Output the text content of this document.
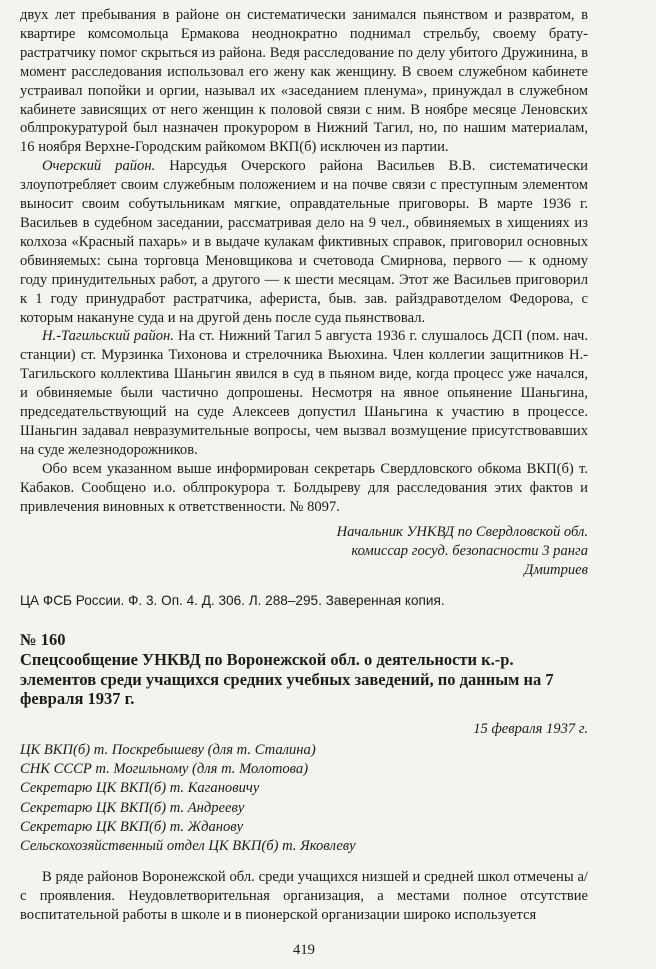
двух лет пребывания в районе он систематически занимался пьянством и развратом, в квартире комсомольца Ермакова неоднократно поднимал стрельбу, своему брату-растратчику помог скрыться из района. Ведя расследование по делу убитого Дружинина, в момент расследования использовал его жену как женщину. В своем служебном кабинете устраивал попойки и оргии, называл их «заседанием пленума», принуждал в служебном кабинете зависящих от него женщин к половой связи с ним. В ноябре месяце Леновских облпрокуратурой был назначен прокурором в Нижний Тагил, но, по нашим материалам, 16 ноября Верхне-Городским райкомом ВКП(б) исключен из партии.

Очерский район. Нарсудья Очерского района Васильев В.В. систематически злоупотребляет своим служебным положением и на почве связи с преступным элементом выносит своим собутыльникам мягкие, оправдательные приговоры. В марте 1936 г. Васильев в судебном заседании, рассматривая дело на 9 чел., обвиняемых в хищениях из колхоза «Красный пахарь» и в выдаче кулакам фиктивных справок, приговорил основных обвиняемых: сына торговца Меновщикова и счетовода Смирнова, первого — к одному году принудительных работ, а другого — к шести месяцам. Этот же Васильев приговорил к 1 году принудработ растратчика, афериста, быв. зав. райздравотделом Федорова, с которым накануне суда и на другой день после суда пьянствовал.

Н.-Тагильский район. На ст. Нижний Тагил 5 августа 1936 г. слушалось ДСП (пом. нач. станции) ст. Мурзинка Тихонова и стрелочника Вьюхина. Член коллегии защитников Н.-Тагильского коллектива Шаньгин явился в суд в пьяном виде, когда процесс уже начался, и обвиняемые были частично допрошены. Несмотря на явное опьянение Шаньгина, председательствующий на суде Алексеев допустил Шаньгина к участию в процессе. Шаньгин задавал невразумительные вопросы, чем вызвал возмущение присутствовавших на суде железнодорожников.

Обо всем указанном выше информирован секретарь Свердловского обкома ВКП(б) т. Кабаков. Сообщено и.о. облпрокурора т. Болдыреву для расследования этих фактов и привлечения виновных к ответственности. № 8097.

Начальник УНКВД по Свердловской обл.
комиссар госуд. безопасности 3 ранга
Дмитриев
ЦА ФСБ России. Ф. 3. Оп. 4. Д. 306. Л. 288–295. Заверенная копия.
№ 160

Спецсообщение УНКВД по Воронежской обл. о деятельности к.-р. элементов среди учащихся средних учебных заведений, по данным на 7 февраля 1937 г.

15 февраля 1937 г.
ЦК ВКП(б) т. Поскребышеву (для т. Сталина)
СНК СССР т. Могильному (для т. Молотова)
Секретарю ЦК ВКП(б) т. Кагановичу
Секретарю ЦК ВКП(б) т. Андрееву
Секретарю ЦК ВКП(б) т. Жданову
Сельскохозяйственный отдел ЦК ВКП(б) т. Яковлеву

В ряде районов Воронежской обл. среди учащихся низшей и средней школ отмечены а/с проявления. Неудовлетворительная организация, а местами полное отсутствие воспитательной работы в школе и в пионерской организации широко используется

419
